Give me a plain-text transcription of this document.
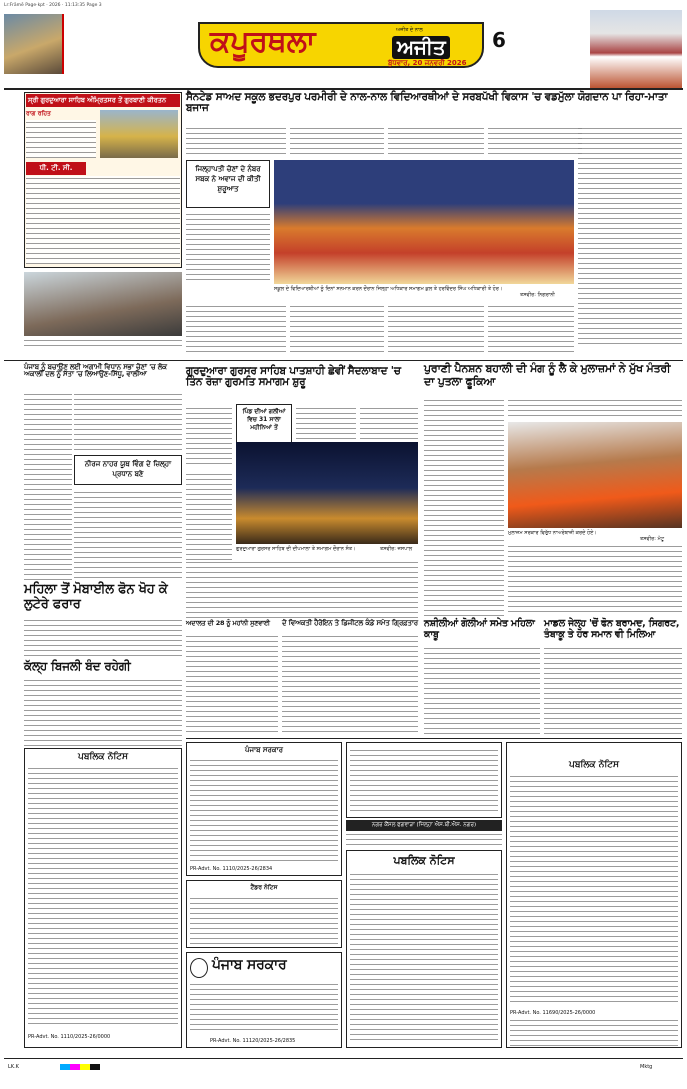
Lr:Frāmē Page·kpt · 2026 · 11:13:35 Page 3
ਕਪੂਰਥਲਾ	ਅਜੀਤ
ਅਜੀਤ ਦੇ ਨਾਲ
ਬੁੱਧਵਾਰ, 20 ਜਨਵਰੀ 2026
6
ਸ੍ਰੀ ਗੁਰਦੁਆਰਾ ਸਾਹਿਬ ਅੰਮ੍ਰਿਤਸਰ ਤੋਂ ਗੁਰਬਾਣੀ ਕੀਰਤਨ
ਰਾਗ ਰਹਿਤ
ਧੀ. ਟੀ. ਸੀ.
ਸੈਨਟੇਡ ਸਾਅਦ ਸਕੂਲ ਭਦਰਪੁਰ ਪਰਮੀਰੀ ਦੇ ਨਾਲ-ਨਾਲ ਵਿਦਿਆਰਥੀਆਂ ਦੇ ਸਰਬਪੱਖੀ ਵਿਕਾਸ 'ਚ ਵਡਮੁੱਲਾ ਯੋਗਦਾਨ ਪਾ ਰਿਹਾ-ਮਾਤਾ ਬਜਾਜ
ਜਿਲ੍ਹਾਪਤੀ ਚੋਣਾਂ ਦੇ ਨੰਬਰ ਸਬਕ ਨੇ ਅਵਾਜ ਦੀ ਕੀਤੀ ਸ਼ੁਰੂਆਤ
ਸਕੂਲ ਦੇ ਵਿਦਿਆਰਥੀਆਂ ਨੂੰ ਦਿਨਾਂ ਸਨਮਾਨ ਕਰਨ ਦੌਰਾਨ ਜਿਲ੍ਹਾ ਅਧਿਕਾਰ ਸਮਾਗਮ ਕੁਲ ਤੇ ਹਰਵਿੰਦਰ ਸਿੰਘ ਅਧਿਕਾਰੀ ਤੇ ਹੋਰ।
ਤਸਵੀਰ: ਨਿਗਰਾਨੀ
ਪੰਜਾਬ ਨੂੰ ਬਚਾਉਣ ਲਈ ਅਗਾਮੀ ਵਿਧਾਨ ਸਭਾ ਚੋਣਾਂ 'ਚ ਲੋਕ ਅਕਾਲੀ ਦਲ ਨੂੰ ਸੱਤਾ 'ਚ ਲਿਆਉਣ-ਸਿੱਧੂ, ਵਾਲੀਆ
ਨੀਰਜ ਨਾਹਰ ਯੂਥ ਵਿੰਗ ਦੇ ਜ਼ਿਲ੍ਹਾ ਪ੍ਰਧਾਨ ਬਣੇ
ਮਹਿਲਾ ਤੋਂ ਮੋਬਾਈਲ ਫੋਨ ਖੋਹ ਕੇ ਲੁਟੇਰੇ ਫਰਾਰ
ਕੱਲ੍ਹ ਬਿਜਲੀ ਬੰਦ ਰਹੇਗੀ
ਪਬਲਿਕ ਨੋਟਿਸ
PR-Advt. No. 1110/2025-26/0000
ਗੁਰਦੁਆਰਾ ਗੁਰਸਰ ਸਾਹਿਬ ਪਾਤਸ਼ਾਹੀ ਛੇਵੀਂ ਸੈਦਲਾਬਾਦ 'ਚ ਤਿੰਨ ਰੋਜ਼ਾ ਗੁਰਮਤਿ ਸਮਾਗਮ ਸ਼ੁਰੂ
ਪਿੰਡ ਦੀਆਂ ਗਲੀਆਂ ਵਿਚ 31 ਸਾਲਾ ਮਹੀਨਿਆਂ ਤੋਂ
ਗੁਰਦੁਆਰਾ ਗੁਰਸਰ ਸਾਹਿਬ ਦੀ ਦੀਪਮਾਲਾ ਤੇ ਸਮਾਗਮ ਦੌਰਾਨ ਸੰਤ।	ਤਸਵੀਰ: ਜਸਪਾਲ
ਅਦਾਲਤ ਦੀ 28 ਨੂੰ ਮਹਾਂਨੀ ਸੁਣਵਾਈ	ਦੋ ਵਿਅਕਤੀ ਹੈਰੋਇਨ ਤੇ ਡਿਜੀਟਲ ਕੰਡੇ ਸਮੇਤ ਗ੍ਰਿਫ਼ਤਾਰ
ਪੁਰਾਣੀ ਪੈਨਸ਼ਨ ਬਹਾਲੀ ਦੀ ਮੰਗ ਨੂੰ ਲੈ ਕੇ ਮੁਲਾਜ਼ਮਾਂ ਨੇ ਮੁੱਖ ਮੰਤਰੀ ਦਾ ਪੁਤਲਾ ਫੂਕਿਆ
ਮੁਲਾਜ਼ਮ ਸਰਕਾਰ ਵਿਰੁੱਧ ਨਾਅਰੇਬਾਜ਼ੀ ਕਰਦੇ ਹੋਏ।
ਤਸਵੀਰ: ਮੱਟੂ
ਨਸ਼ੀਲੀਆਂ ਗੋਲੀਆਂ ਸਮੇਤ ਮਹਿਲਾ ਕਾਬੂ
ਮਾਡਲ ਜੇਲ੍ਹ 'ਚੋਂ ਫੋਨ ਬਰਾਮਦ, ਸਿਗਰਟ, ਤੰਬਾਕੂ ਤੇ ਹੋਰ ਸਮਾਨ ਵੀ ਮਿਲਿਆ
ਪੰਜਾਬ ਸਰਕਾਰ
PR-Advt. No. 1110/2025-26/2834
ਟੈਂਡਰ ਨੋਟਿਸ
ਪੰਜਾਬ ਸਰਕਾਰ
PR-Advt. No. 11120/2025-26/2835
ਨਗਰ ਕੌਂਸਲ ਫਗਵਾੜਾ (ਜਿਲ੍ਹਾ ਐਸ.ਬੀ.ਐਸ. ਨਗਰ)
ਪਬਲਿਕ ਨੋਟਿਸ
ਪਬਲਿਕ ਨੋਟਿਸ
PR-Advt. No. 11690/2025-26/0000
LK.K	Mktg
